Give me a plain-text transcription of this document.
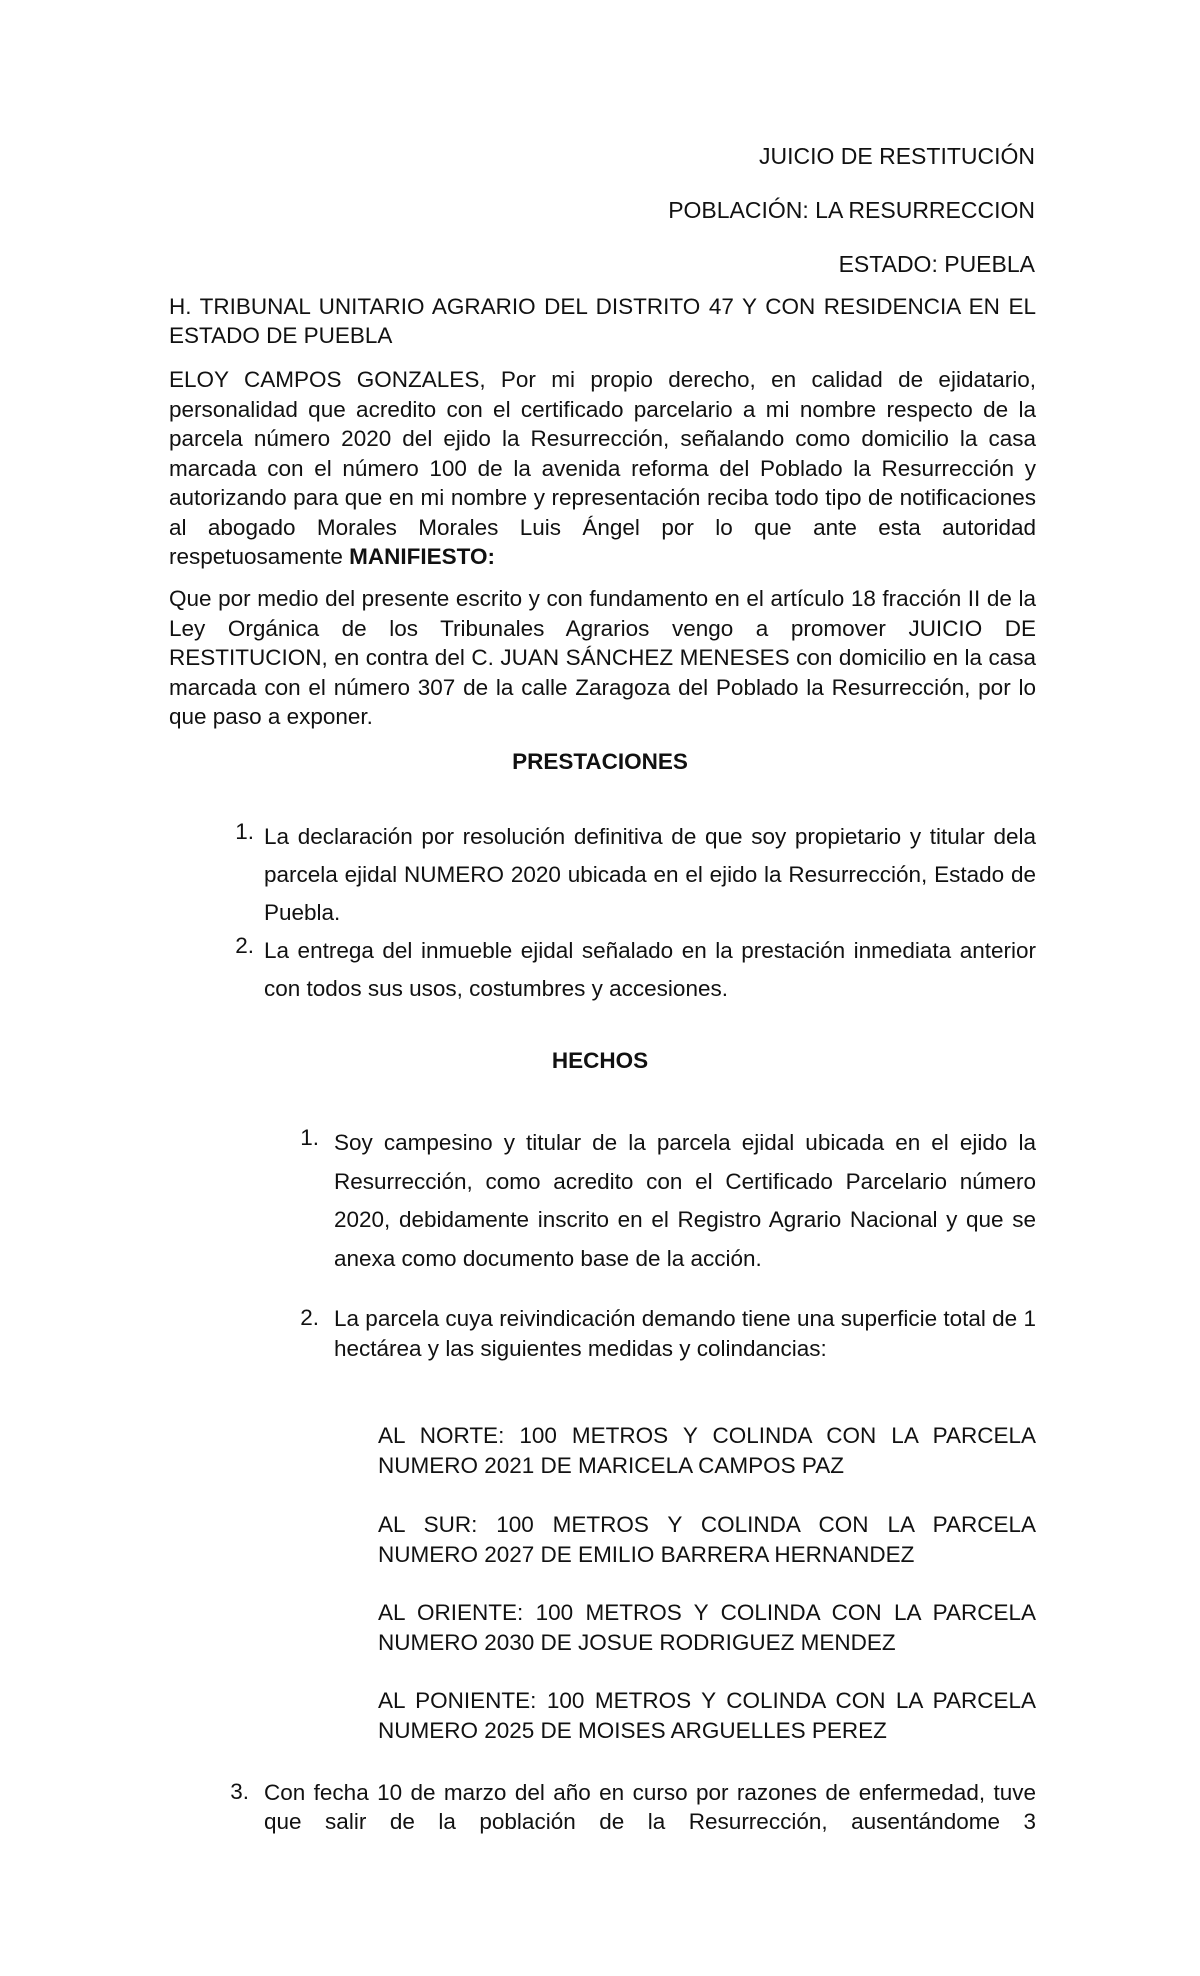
JUICIO DE RESTITUCIÓN
POBLACIÓN: LA RESURRECCION
ESTADO: PUEBLA
H. TRIBUNAL UNITARIO AGRARIO DEL DISTRITO 47 Y CON RESIDENCIA EN EL ESTADO DE PUEBLA
ELOY CAMPOS GONZALES, Por mi propio derecho, en calidad de ejidatario, personalidad que acredito con el certificado parcelario a mi nombre respecto de la parcela número 2020 del ejido la Resurrección, señalando como domicilio la casa marcada con el número 100 de la avenida reforma del Poblado la Resurrección y autorizando para que en mi nombre y representación reciba todo tipo de notificaciones al abogado Morales Morales Luis Ángel por lo que ante esta autoridad respetuosamente MANIFIESTO:
Que por medio del presente escrito y con fundamento en el artículo 18 fracción II de la Ley Orgánica de los Tribunales Agrarios vengo a promover JUICIO DE RESTITUCION, en contra del C. JUAN SÁNCHEZ MENESES con domicilio en la casa marcada con el número 307 de la calle Zaragoza del Poblado la Resurrección, por lo que paso a exponer.
PRESTACIONES
1. La declaración por resolución definitiva de que soy propietario y titular dela parcela ejidal NUMERO 2020 ubicada en el ejido la Resurrección, Estado de Puebla.
2. La entrega del inmueble ejidal señalado en la prestación inmediata anterior con todos sus usos, costumbres y accesiones.
HECHOS
1. Soy campesino y titular de la parcela ejidal ubicada en el ejido la Resurrección, como acredito con el Certificado Parcelario número 2020, debidamente inscrito en el Registro Agrario Nacional y que se anexa como documento base de la acción.
2. La parcela cuya reivindicación demando tiene una superficie total de 1 hectárea y las siguientes medidas y colindancias:
AL NORTE: 100 METROS Y COLINDA CON LA PARCELA NUMERO 2021 DE MARICELA CAMPOS PAZ
AL SUR: 100 METROS Y COLINDA CON LA PARCELA NUMERO 2027 DE EMILIO BARRERA HERNANDEZ
AL ORIENTE: 100 METROS Y COLINDA CON LA PARCELA NUMERO 2030 DE JOSUE RODRIGUEZ MENDEZ
AL PONIENTE: 100 METROS Y COLINDA CON LA PARCELA NUMERO 2025 DE MOISES ARGUELLES PEREZ
3. Con fecha 10 de marzo del año en curso por razones de enfermedad, tuve que salir de la población de la Resurrección, ausentándome 3
